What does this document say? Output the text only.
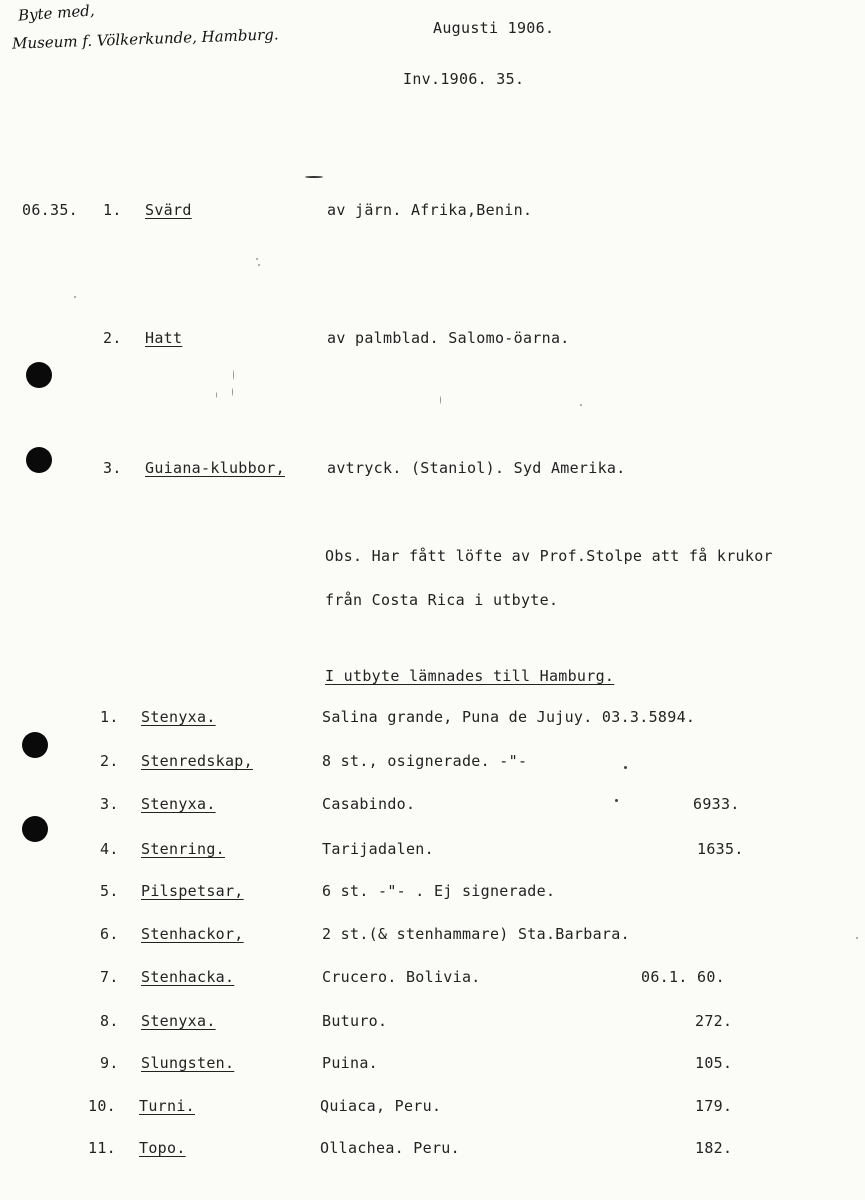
Byte med,
Museum f. Völkerkunde, Hamburg.	Augusti 1906.
Inv.1906. 35.
06.35. 1. Svärd	av järn. Afrika,Benin.
2. Hatt	av palmblad. Salomo-öarna.
3. Guiana-klubbor,	avtryck. (Staniol). Syd Amerika.
Obs. Har fått löfte av Prof.Stolpe att få krukor
från Costa Rica i utbyte.
I utbyte lämnades till Hamburg.
1. Stenyxa.	Salina grande, Puna de Jujuy. 03.3.5894.
2. Stenredskap,	8 st., osignerade. -"-
3. Stenyxa.	Casabindo.	6933.
4. Stenring.	Tarijadalen.	1635.
5. Pilspetsar,	6 st. -"- . Ej signerade.
6. Stenhackor,	2 st.(& stenhammare) Sta.Barbara.
7. Stenhacka.	Crucero. Bolivia.	06.1. 60.
8. Stenyxa.	Buturo.	272.
9. Slungsten.	Puina.	105.
10. Turni.	Quiaca, Peru.	179.
11. Topo.	Ollachea. Peru.	182.
